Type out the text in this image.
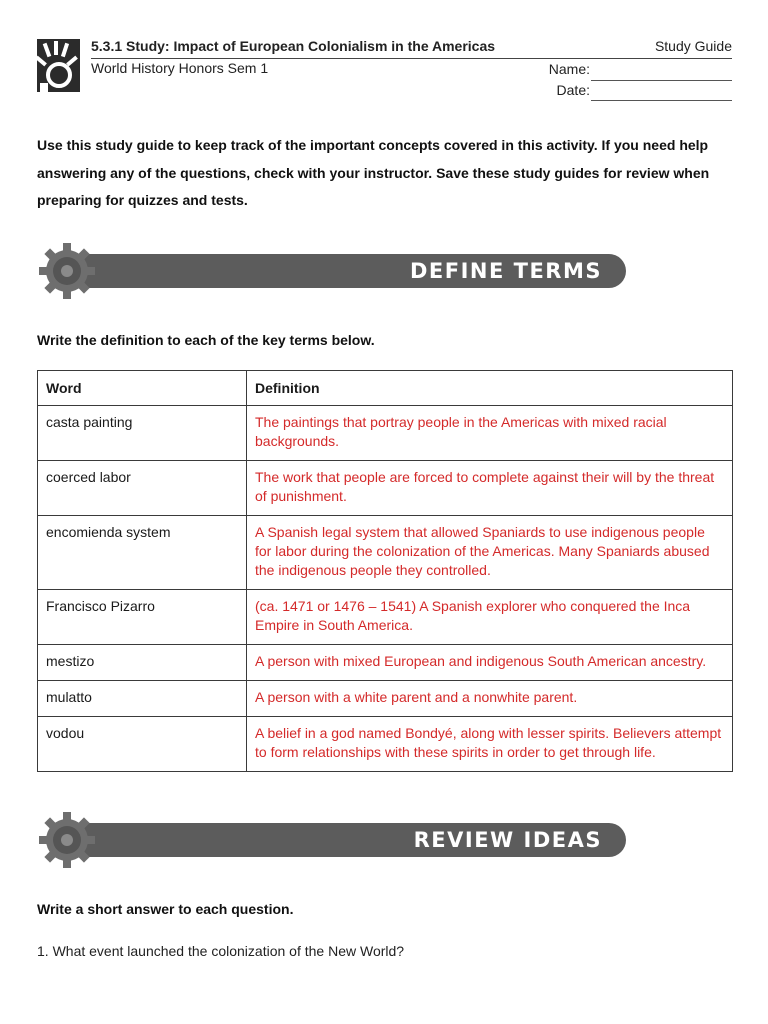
5.3.1 Study: Impact of European Colonialism in the Americas	Study Guide
World History Honors Sem 1	Name:
Date:
Use this study guide to keep track of the important concepts covered in this activity. If you need help answering any of the questions, check with your instructor. Save these study guides for review when preparing for quizzes and tests.
DEFINE TERMS
Write the definition to each of the key terms below.
Word	Definition
casta painting	The paintings that portray people in the Americas with mixed racial backgrounds.
coerced labor	The work that people are forced to complete against their will by the threat of punishment.
encomienda system	A Spanish legal system that allowed Spaniards to use indigenous people for labor during the colonization of the Americas. Many Spaniards abused the indigenous people they controlled.
Francisco Pizarro	(ca. 1471 or 1476 – 1541) A Spanish explorer who conquered the Inca Empire in South America.
mestizo	A person with mixed European and indigenous South American ancestry.
mulatto	A person with a white parent and a nonwhite parent.
vodou	A belief in a god named Bondyé, along with lesser spirits. Believers attempt to form relationships with these spirits in order to get through life.
REVIEW IDEAS
Write a short answer to each question.
1. What event launched the colonization of the New World?
